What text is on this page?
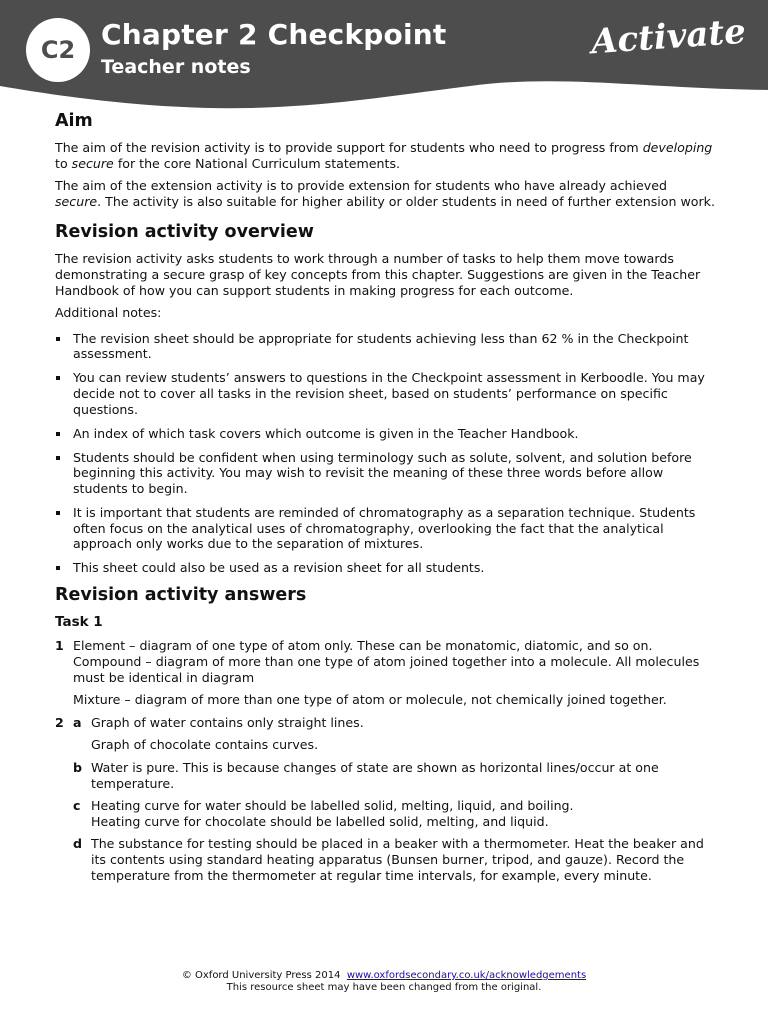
C2 Chapter 2 Checkpoint
Teacher notes
Activate
Aim

The aim of the revision activity is to provide support for students who need to progress from developing to secure for the core National Curriculum statements.

The aim of the extension activity is to provide extension for students who have already achieved secure. The activity is also suitable for higher ability or older students in need of further extension work.

Revision activity overview

The revision activity asks students to work through a number of tasks to help them move towards demonstrating a secure grasp of key concepts from this chapter. Suggestions are given in the Teacher Handbook of how you can support students in making progress for each outcome.

Additional notes:

The revision sheet should be appropriate for students achieving less than 62 % in the Checkpoint assessment.
You can review students’ answers to questions in the Checkpoint assessment in Kerboodle. You may decide not to cover all tasks in the revision sheet, based on students’ performance on specific questions.
An index of which task covers which outcome is given in the Teacher Handbook.
Students should be confident when using terminology such as solute, solvent, and solution before beginning this activity. You may wish to revisit the meaning of these three words before allow students to begin.
It is important that students are reminded of chromatography as a separation technique. Students often focus on the analytical uses of chromatography, overlooking the fact that the analytical approach only works due to the separation of mixtures.
This sheet could also be used as a revision sheet for all students.
Revision activity answers
Task 1
1 Element – diagram of one type of atom only. These can be monatomic, diatomic, and so on. Compound – diagram of more than one type of atom joined together into a molecule. All molecules must be identical in diagram

Mixture – diagram of more than one type of atom or molecule, not chemically joined together.

2 a Graph of water contains only straight lines.

Graph of chocolate contains curves.

b Water is pure. This is because changes of state are shown as horizontal lines/occur at one temperature.
c Heating curve for water should be labelled solid, melting, liquid, and boiling.
Heating curve for chocolate should be labelled solid, melting, and liquid.
d The substance for testing should be placed in a beaker with a thermometer. Heat the beaker and its contents using standard heating apparatus (Bunsen burner, tripod, and gauze). Record the temperature from the thermometer at regular time intervals, for example, every minute.
© Oxford University Press 2014 www.oxfordsecondary.co.uk/acknowledgements
This resource sheet may have been changed from the original.
